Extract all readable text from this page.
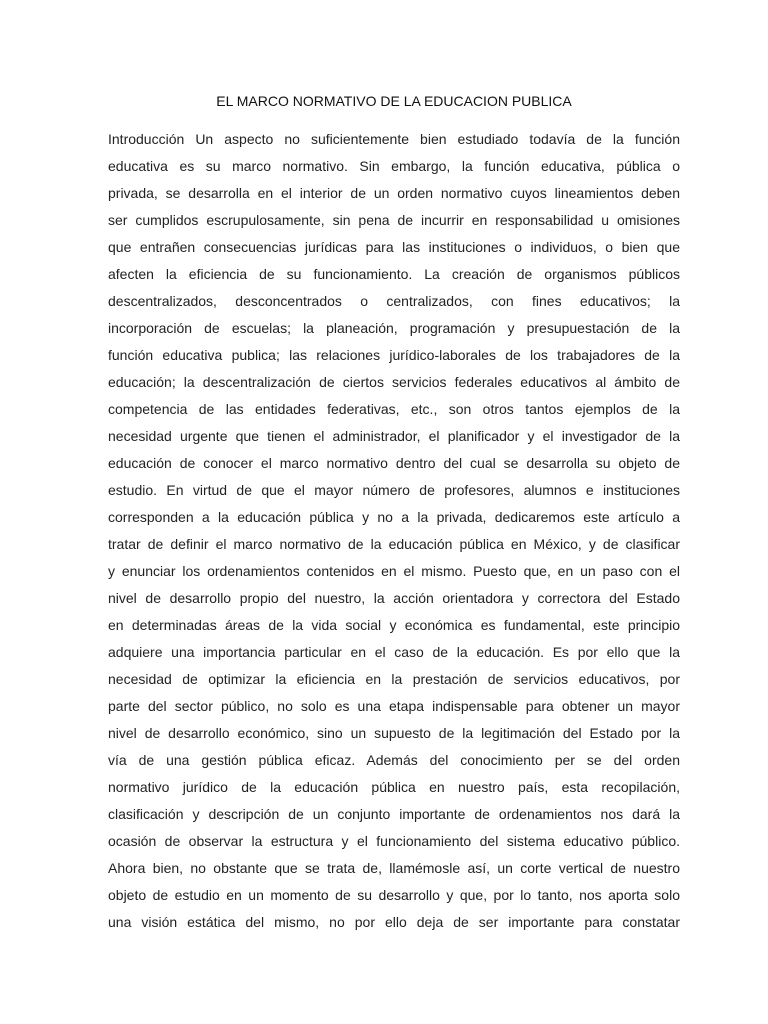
EL MARCO NORMATIVO DE LA EDUCACION PUBLICA
Introducción Un aspecto no suficientemente bien estudiado todavía de la función
educativa es su marco normativo. Sin embargo, la función educativa, pública o
privada, se desarrolla en el interior de un orden normativo cuyos lineamientos deben
ser cumplidos escrupulosamente, sin pena de incurrir en responsabilidad u omisiones
que entrañen consecuencias jurídicas para las instituciones o individuos, o bien que
afecten la eficiencia de su funcionamiento. La creación de organismos públicos
descentralizados, desconcentrados o centralizados, con fines educativos; la
incorporación de escuelas; la planeación, programación y presupuestación de la
función educativa publica; las relaciones jurídico-laborales de los trabajadores de la
educación; la descentralización de ciertos servicios federales educativos al ámbito de
competencia de las entidades federativas, etc., son otros tantos ejemplos de la
necesidad urgente que tienen el administrador, el planificador y el investigador de la
educación de conocer el marco normativo dentro del cual se desarrolla su objeto de
estudio. En virtud de que el mayor número de profesores, alumnos e instituciones
corresponden a la educación pública y no a la privada, dedicaremos este artículo a
tratar de definir el marco normativo de la educación pública en México, y de clasificar
y enunciar los ordenamientos contenidos en el mismo. Puesto que, en un paso con el
nivel de desarrollo propio del nuestro, la acción orientadora y correctora del Estado
en determinadas áreas de la vida social y económica es fundamental, este principio
adquiere una importancia particular en el caso de la educación. Es por ello que la
necesidad de optimizar la eficiencia en la prestación de servicios educativos, por
parte del sector público, no solo es una etapa indispensable para obtener un mayor
nivel de desarrollo económico, sino un supuesto de la legitimación del Estado por la
vía de una gestión pública eficaz. Además del conocimiento per se del orden
normativo jurídico de la educación pública en nuestro país, esta recopilación,
clasificación y descripción de un conjunto importante de ordenamientos nos dará la
ocasión de observar la estructura y el funcionamiento del sistema educativo público.
Ahora bien, no obstante que se trata de, llamémosle así, un corte vertical de nuestro
objeto de estudio en un momento de su desarrollo y que, por lo tanto, nos aporta solo
una visión estática del mismo, no por ello deja de ser importante para constatar
